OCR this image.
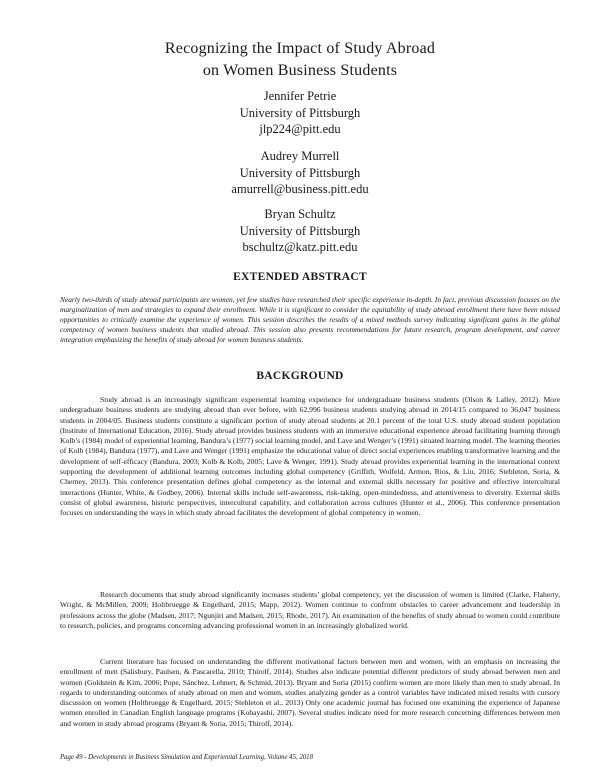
Recognizing the Impact of Study Abroad
on Women Business Students
Jennifer Petrie
University of Pittsburgh
jlp224@pitt.edu
Audrey Murrell
University of Pittsburgh
amurrell@business.pitt.edu
Bryan Schultz
University of Pittsburgh
bschultz@katz.pitt.edu
EXTENDED ABSTRACT

Nearly two-thirds of study abroad participants are women, yet few studies have researched their specific experience in-depth. In fact, previous discussion focuses on the marginalization of men and strategies to expand their enrollment. While it is significant to consider the equitability of study abroad enrollment there have been missed opportunities to critically examine the experience of women. This session describes the results of a mixed methods survey indicating significant gains in the global competency of women business students that studied abroad. This session also presents recommendations for future research, program development, and career integration emphasizing the benefits of study abroad for women business students.

BACKGROUND

Study abroad is an increasingly significant experiential learning experience for undergraduate business students (Olson & Lalley, 2012). More undergraduate business students are studying abroad than ever before, with 62,996 business students studying abroad in 2014/15 compared to 36,047 business students in 2004/05. Business students constitute a significant portion of study abroad students at 20.1 percent of the total U.S. study abroad student population (Institute of International Education, 2016). Study abroad provides business students with an immersive educational experience abroad facilitating learning through Kolb’s (1984) model of experiential learning, Bandura’s (1977) social learning model, and Lave and Wenger’s (1991) situated learning model. The learning theories of Kolb (1984), Bandura (1977), and Lave and Wenger (1991) emphasize the educational value of direct social experiences enabling transformative learning and the development of self-efficacy (Bandura, 2003; Kolb & Kolb, 2005; Lave & Wenger, 1991). Study abroad provides experiential learning in the international context supporting the development of additional learning outcomes including global competency (Griffith, Wolfeld, Armon, Rios, & Liu, 2016; Stebleton, Soria, & Cherney, 2013). This conference presentation defines global competency as the internal and external skills necessary for positive and effective intercultural interactions (Hunter, White, & Godbey, 2006). Internal skills include self-awareness, risk-taking, open-mindedness, and attentiveness to diversity. External skills consist of global awareness, historic perspectives, intercultural capability, and collaboration across cultures (Hunter et al., 2006). This conference presentation focuses on understanding the ways in which study abroad facilitates the development of global competency in women.

Research documents that study abroad significantly increases students’ global competency, yet the discussion of women is limited (Clarke, Flaherty, Wright, & McMillen, 2009; Holtbruegge & Engelhard, 2015; Mapp, 2012). Women continue to confront obstacles to career advancement and leadership in professions across the globe (Madsen, 2017; Ngunjiri and Madsen, 2015; Rhode, 2017). An examination of the benefits of study abroad to women could contribute to research, policies, and programs concerning advancing professional women in an increasingly globalized world.

Current literature has focused on understanding the different motivational factors between men and women, with an emphasis on increasing the enrollment of men (Salisbury, Paulsen, & Pascarella, 2010; Thirolf, 2014). Studies also indicate potential different predictors of study abroad between men and women (Goldstein & Kim, 2006; Pope, Sánchez, Lehnert, & Schmid, 2013). Bryant and Soria (2015) confirm women are more likely than men to study abroad. In regards to understanding outcomes of study abroad on men and women, studies analyzing gender as a control variables have indicated mixed results with cursory discussion on women (Holtbruegge & Engelhard, 2015; Stebleton et al., 2013) Only one academic journal has focused one examining the experience of Japanese women enrolled in Canadian English language programs (Kobayashi, 2007). Several studies indicate need for more research concerning differences between men and women in study abroad programs (Bryant & Soria, 2015; Thirolf, 2014).

Page 49 - Developments in Business Simulation and Experiential Learning, Volume 45, 2018
